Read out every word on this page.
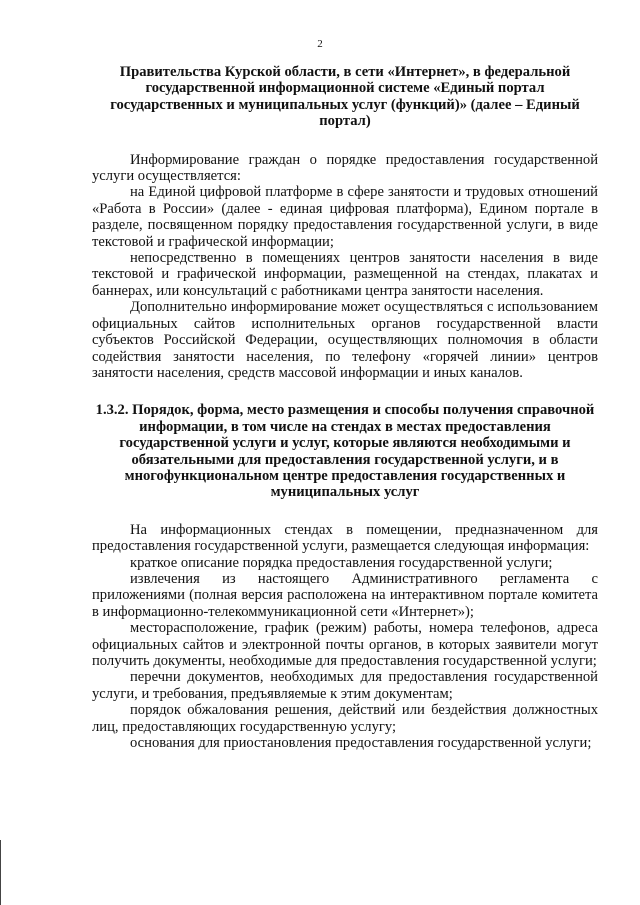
2

Правительства Курской области, в сети «Интернет», в федеральной государственной информационной системе «Единый портал государственных и муниципальных услуг (функций)» (далее – Единый портал)

Информирование граждан о порядке предоставления государственной услуги осуществляется:

на Единой цифровой платформе в сфере занятости и трудовых отношений «Работа в России» (далее - единая цифровая платформа), Едином портале в разделе, посвященном порядку предоставления государственной услуги, в виде текстовой и графической информации;

непосредственно в помещениях центров занятости населения в виде текстовой и графической информации, размещенной на стендах, плакатах и баннерах, или консультаций с работниками центра занятости населения.

Дополнительно информирование может осуществляться с использованием официальных сайтов исполнительных органов государственной власти субъектов Российской Федерации, осуществляющих полномочия в области содействия занятости населения, по телефону «горячей линии» центров занятости населения, средств массовой информации и иных каналов.

1.3.2. Порядок, форма, место размещения и способы получения справочной информации, в том числе на стендах в местах предоставления государственной услуги и услуг, которые являются необходимыми и обязательными для предоставления государственной услуги, и в многофункциональном центре предоставления государственных и муниципальных услуг

На информационных стендах в помещении, предназначенном для предоставления государственной услуги, размещается следующая информация:

краткое описание порядка предоставления государственной услуги;

извлечения из настоящего Административного регламента с приложениями (полная версия расположена на интерактивном портале комитета в информационно-телекоммуникационной сети «Интернет»);

месторасположение, график (режим) работы, номера телефонов, адреса официальных сайтов и электронной почты органов, в которых заявители могут получить документы, необходимые для предоставления государственной услуги;

перечни документов, необходимых для предоставления государственной услуги, и требования, предъявляемые к этим документам;

порядок обжалования решения, действий или бездействия должностных лиц, предоставляющих государственную услугу;

основания для приостановления предоставления государственной услуги;
